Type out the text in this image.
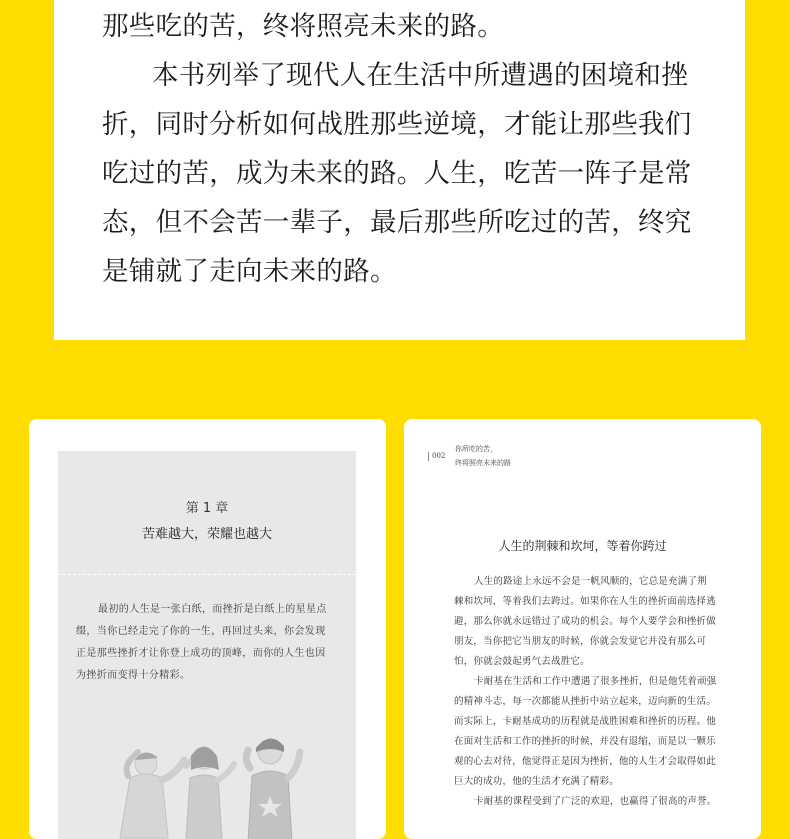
那些吃的苦，终将照亮未来的路。
本书列举了现代人在生活中所遭遇的困境和挫
折，同时分析如何战胜那些逆境，才能让那些我们
吃过的苦，成为未来的路。人生，吃苦一阵子是常
态，但不会苦一辈子，最后那些所吃过的苦，终究
是铺就了走向未来的路。
第 1 章
苦难越大，荣耀也越大
最初的人生是一张白纸，而挫折是白纸上的星星点
缀，当你已经走完了你的一生，再回过头来，你会发现
正是那些挫折才让你登上成功的顶峰，而你的人生也因
为挫折而变得十分精彩。
002
你所吃的苦，
终将照亮未来的路
人生的荆棘和坎坷，等着你跨过
人生的路途上永远不会是一帆风顺的，它总是充满了荆
棘和坎坷，等着我们去跨过。如果你在人生的挫折面前选择逃
避，那么你就永远错过了成功的机会。每个人要学会和挫折做
朋友，当你把它当朋友的时候，你就会发觉它并没有那么可
怕，你就会鼓起勇气去战胜它。
卡耐基在生活和工作中遭遇了很多挫折，但是他凭着顽强
的精神斗志，每一次都能从挫折中站立起来，迈向新的生活。
而实际上，卡耐基成功的历程就是战胜困难和挫折的历程。他
在面对生活和工作的挫折的时候，并没有退缩，而是以一颗乐
观的心去对待，他觉得正是因为挫折，他的人生才会取得如此
巨大的成功，他的生活才充满了精彩。
卡耐基的课程受到了广泛的欢迎，也赢得了很高的声誉。
